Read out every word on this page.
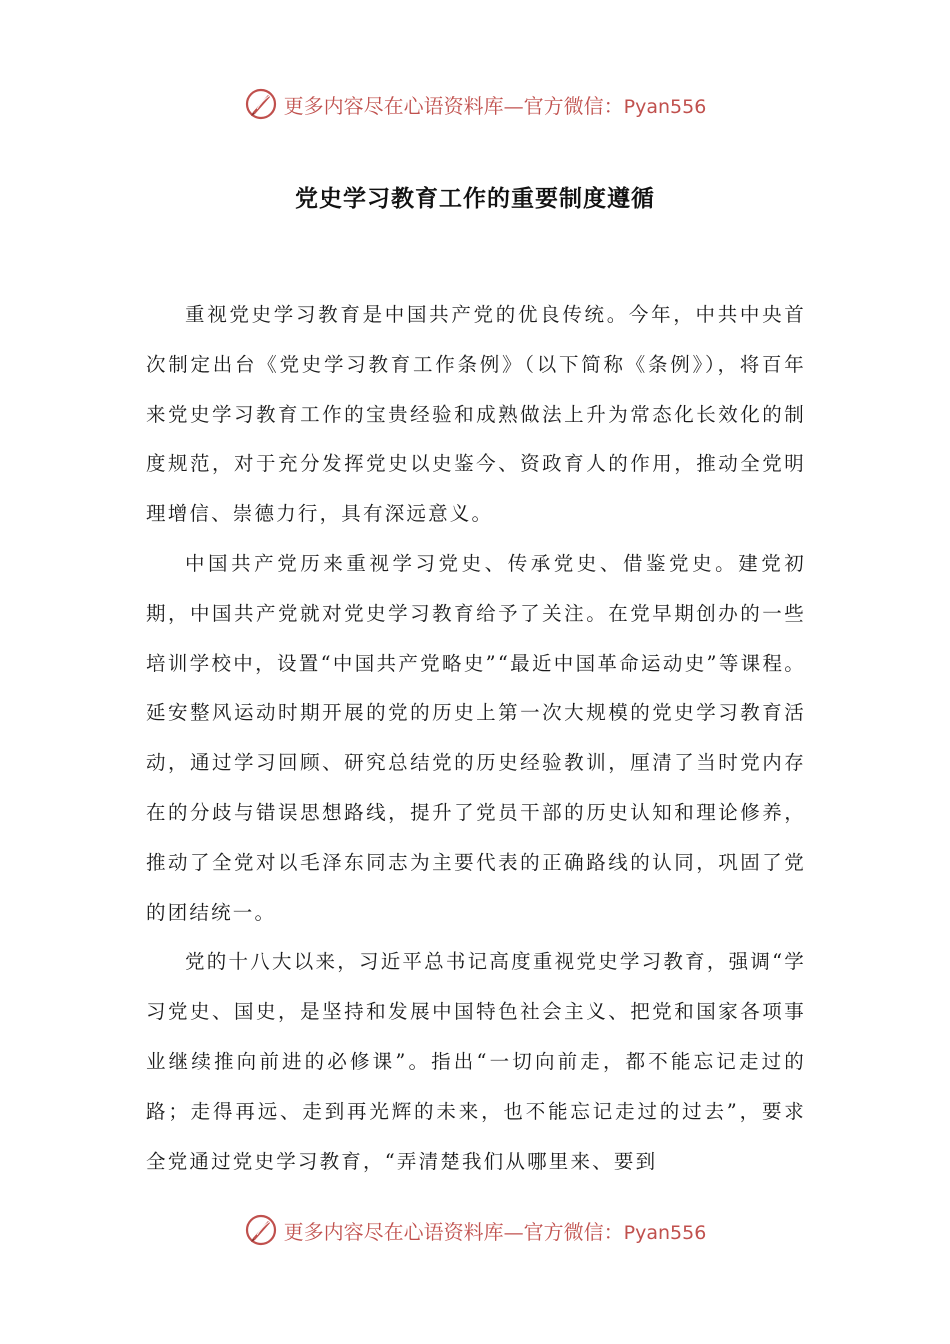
更多内容尽在心语资料库—官方微信：Pyan556
党史学习教育工作的重要制度遵循

重视党史学习教育是中国共产党的优良传统。今年，中共中央首次制定出台《党史学习教育工作条例》（以下简称《条例》），将百年来党史学习教育工作的宝贵经验和成熟做法上升为常态化长效化的制度规范，对于充分发挥党史以史鉴今、资政育人的作用，推动全党明理增信、崇德力行，具有深远意义。

中国共产党历来重视学习党史、传承党史、借鉴党史。建党初期，中国共产党就对党史学习教育给予了关注。在党早期创办的一些培训学校中，设置“中国共产党略史”“最近中国革命运动史”等课程。延安整风运动时期开展的党的历史上第一次大规模的党史学习教育活动，通过学习回顾、研究总结党的历史经验教训，厘清了当时党内存在的分歧与错误思想路线，提升了党员干部的历史认知和理论修养，推动了全党对以毛泽东同志为主要代表的正确路线的认同，巩固了党的团结统一。

党的十八大以来，习近平总书记高度重视党史学习教育，强调“学习党史、国史，是坚持和发展中国特色社会主义、把党和国家各项事业继续推向前进的必修课”。指出“一切向前走，都不能忘记走过的路；走得再远、走到再光辉的未来，也不能忘记走过的过去”，要求全党通过党史学习教育，“弄清楚我们从哪里来、要到

更多内容尽在心语资料库—官方微信：Pyan556
